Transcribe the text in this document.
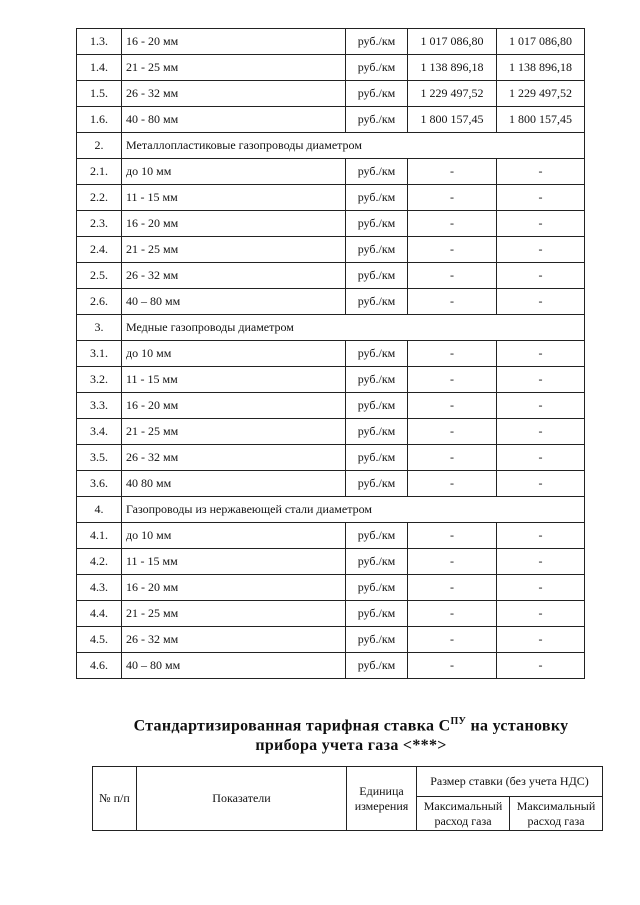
1.3.	16 - 20 мм	руб./км	1 017 086,80	1 017 086,80
1.4.	21 - 25 мм	руб./км	1 138 896,18	1 138 896,18
1.5.	26 - 32 мм	руб./км	1 229 497,52	1 229 497,52
1.6.	40 - 80 мм	руб./км	1 800 157,45	1 800 157,45
2.	Металлопластиковые газопроводы диаметром			
2.1.	до 10 мм	руб./км	-	-
2.2.	11 - 15 мм	руб./км	-	-
2.3.	16 - 20 мм	руб./км	-	-
2.4.	21 - 25 мм	руб./км	-	-
2.5.	26 - 32 мм	руб./км	-	-
2.6.	40 – 80 мм	руб./км	-	-
3.	Медные газопроводы диаметром			
3.1.	до 10 мм	руб./км	-	-
3.2.	11 - 15 мм	руб./км	-	-
3.3.	16 - 20 мм	руб./км	-	-
3.4.	21 - 25 мм	руб./км	-	-
3.5.	26 - 32 мм	руб./км	-	-
3.6.	40 80 мм	руб./км	-	-
4.	Газопроводы из нержавеющей стали диаметром			
4.1.	до 10 мм	руб./км	-	-
4.2.	11 - 15 мм	руб./км	-	-
4.3.	16 - 20 мм	руб./км	-	-
4.4.	21 - 25 мм	руб./км	-	-
4.5.	26 - 32 мм	руб./км	-	-
4.6.	40 – 80 мм	руб./км	-	-
Стандартизированная тарифная ставка $С^{ПУ}$ на установку
прибора учета газа <***>
№ п/п	Показатели	Единица измерения	Размер ставки (без учета НДС)	
			Максимальный расход газа	Максимальный расход газа
